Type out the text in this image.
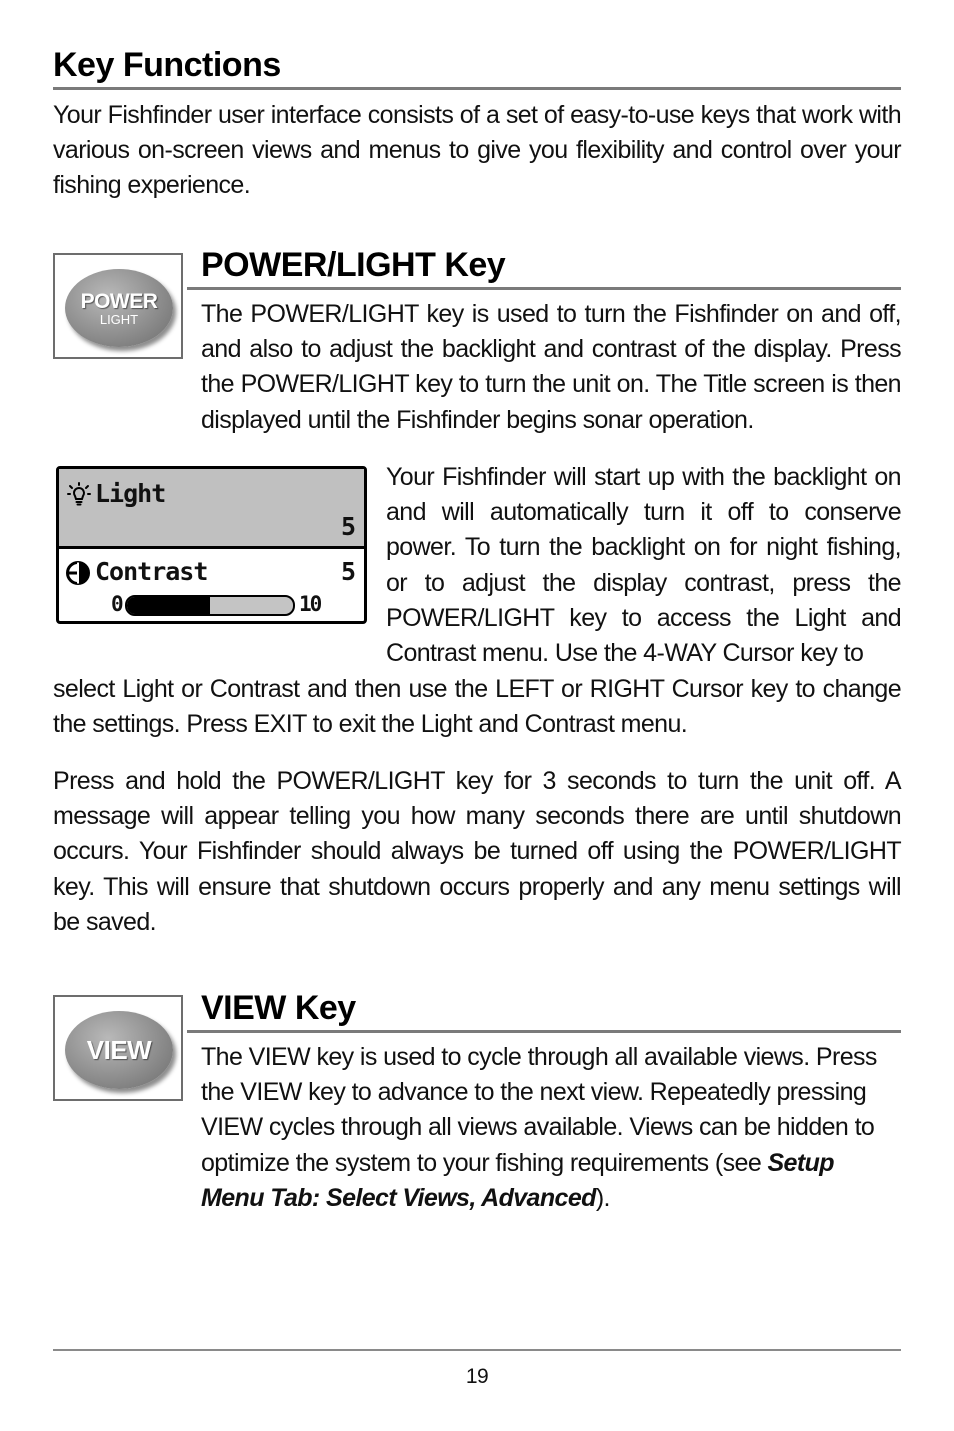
Key Functions

Your Fishfinder user interface consists of a set of easy-to-use keys that work with various on-screen views and menus to give you flexibility and control over your fishing experience.

POWER
LIGHT
POWER/LIGHT Key

The POWER/LIGHT key is used to turn the Fishfinder on and off, and also to adjust the backlight and contrast of the display. Press the POWER/LIGHT key to turn the unit on. The Title screen is then displayed until the Fishfinder begins sonar operation.

Light
5
Contrast	5
0	10

Your Fishfinder will start up with the backlight on and will automatically turn it off to conserve power. To turn the backlight on for night fishing, or to adjust the display contrast, press the POWER/LIGHT key to access the Light and Contrast menu. Use the 4-WAY Cursor key to

select Light or Contrast and then use the LEFT or RIGHT Cursor key to change the settings. Press EXIT to exit the Light and Contrast menu.

Press and hold the POWER/LIGHT key for 3 seconds to turn the unit off. A message will appear telling you how many seconds there are until shutdown occurs. Your Fishfinder should always be turned off using the POWER/LIGHT key. This will ensure that shutdown occurs properly and any menu settings will be saved.

VIEW
VIEW Key

The VIEW key is used to cycle through all available views. Press the VIEW key to advance to the next view. Repeatedly pressing VIEW cycles through all views available. Views can be hidden to optimize the system to your fishing requirements (see Setup Menu Tab: Select Views, Advanced).

19
